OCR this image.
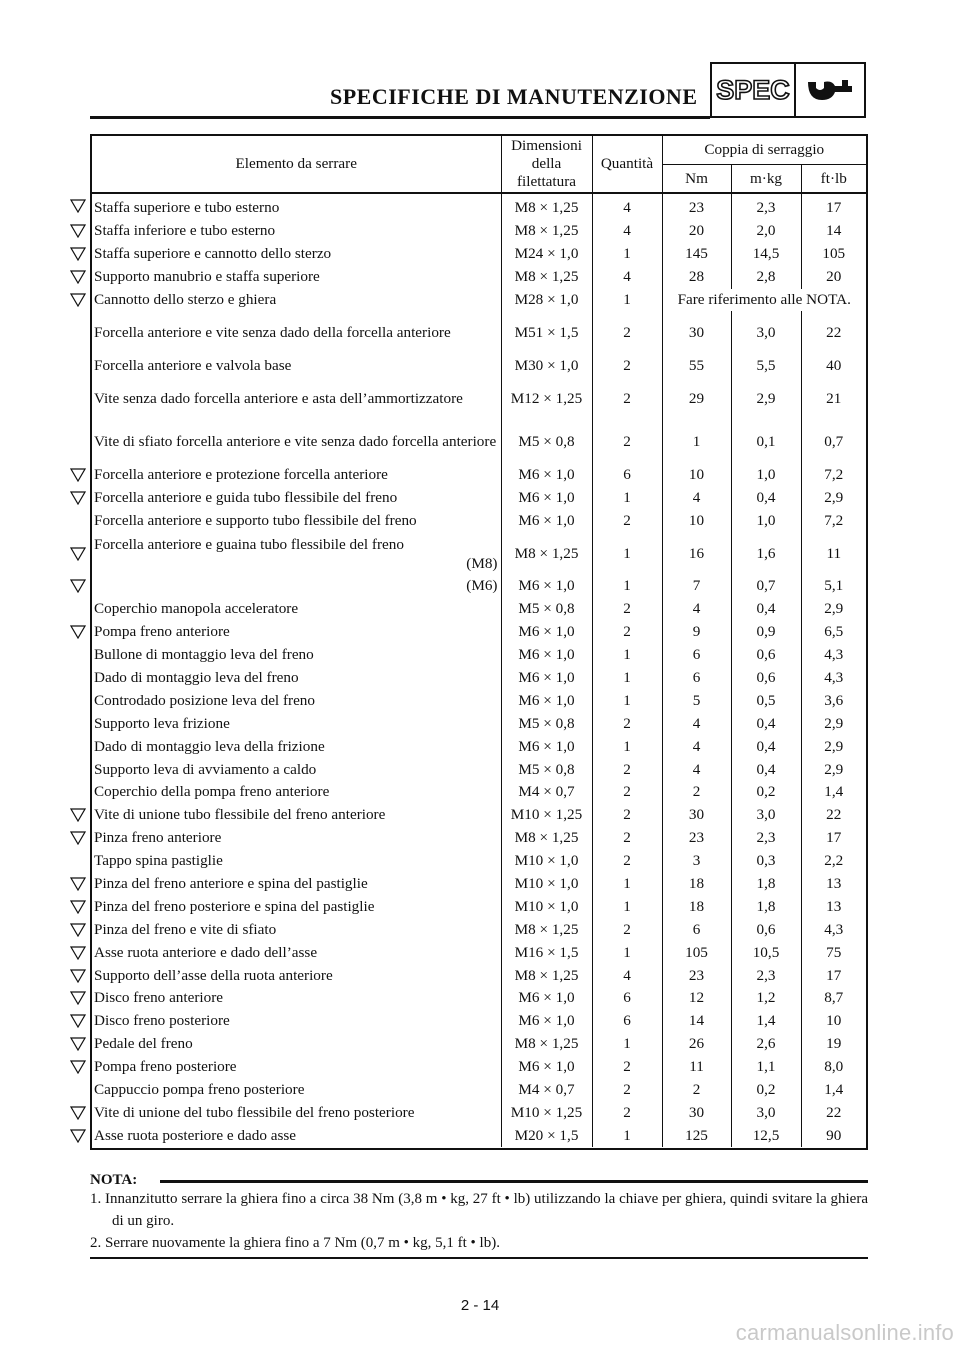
SPECIFICHE DI MANUTENZIONE SPEC
Elemento da serrare	Dimensioni della filettatura	Quantità	Coppia di serraggio		
			Nm	m·kg	ft·lb
Staffa superiore e tubo esterno	M8 × 1,25	4	23	2,3	17
Staffa inferiore e tubo esterno	M8 × 1,25	4	20	2,0	14
Staffa superiore e cannotto dello sterzo	M24 × 1,0	1	145	14,5	105
Supporto manubrio e staffa superiore	M8 × 1,25	4	28	2,8	20
Cannotto dello sterzo e ghiera	M28 × 1,0	1	Fare riferimento alle NOTA.		
Forcella anteriore e vite senza dado della forcella anteriore	M51 × 1,5	2	30	3,0	22
Forcella anteriore e valvola base	M30 × 1,0	2	55	5,5	40
Vite senza dado forcella anteriore e asta dell’ammortizzatore	M12 × 1,25	2	29	2,9	21
Vite di sfiato forcella anteriore e vite senza dado forcella anteriore	M5 × 0,8	2	1	0,1	0,7
Forcella anteriore e protezione forcella anteriore	M6 × 1,0	6	10	1,0	7,2
Forcella anteriore e guida tubo flessibile del freno	M6 × 1,0	1	4	0,4	2,9
Forcella anteriore e supporto tubo flessibile del freno	M6 × 1,0	2	10	1,0	7,2

Forcella anteriore e guaina tubo flessibile del freno
(M8)	M8 × 1,25	1	16	1,6	11

(M6)	M6 × 1,0	1	7	0,7	5,1
Coperchio manopola acceleratore	M5 × 0,8	2	4	0,4	2,9
Pompa freno anteriore	M6 × 1,0	2	9	0,9	6,5
Bullone di montaggio leva del freno	M6 × 1,0	1	6	0,6	4,3
Dado di montaggio leva del freno	M6 × 1,0	1	6	0,6	4,3
Controdado posizione leva del freno	M6 × 1,0	1	5	0,5	3,6
Supporto leva frizione	M5 × 0,8	2	4	0,4	2,9
Dado di montaggio leva della frizione	M6 × 1,0	1	4	0,4	2,9
Supporto leva di avviamento a caldo	M5 × 0,8	2	4	0,4	2,9
Coperchio della pompa freno anteriore	M4 × 0,7	2	2	0,2	1,4
Vite di unione tubo flessibile del freno anteriore	M10 × 1,25	2	30	3,0	22
Pinza freno anteriore	M8 × 1,25	2	23	2,3	17
Tappo spina pastiglie	M10 × 1,0	2	3	0,3	2,2
Pinza del freno anteriore e spina del pastiglie	M10 × 1,0	1	18	1,8	13
Pinza del freno posteriore e spina del pastiglie	M10 × 1,0	1	18	1,8	13
Pinza del freno e vite di sfiato	M8 × 1,25	2	6	0,6	4,3
Asse ruota anteriore e dado dell’asse	M16 × 1,5	1	105	10,5	75
Supporto dell’asse della ruota anteriore	M8 × 1,25	4	23	2,3	17
Disco freno anteriore	M6 × 1,0	6	12	1,2	8,7
Disco freno posteriore	M6 × 1,0	6	14	1,4	10
Pedale del freno	M8 × 1,25	1	26	2,6	19
Pompa freno posteriore	M6 × 1,0	2	11	1,1	8,0
Cappuccio pompa freno posteriore	M4 × 0,7	2	2	0,2	1,4
Vite di unione del tubo flessibile del freno posteriore	M10 × 1,25	2	30	3,0	22
Asse ruota posteriore e dado asse	M20 × 1,5	1	125	12,5	90
NOTA:
1. Innanzitutto serrare la ghiera fino a circa 38 Nm (3,8 m • kg, 27 ft • lb) utilizzando la chiave per ghiera, quindi svitare la ghiera di un giro.
2. Serrare nuovamente la ghiera fino a 7 Nm (0,7 m • kg, 5,1 ft • lb).
2 - 14
carmanualsonline.info
